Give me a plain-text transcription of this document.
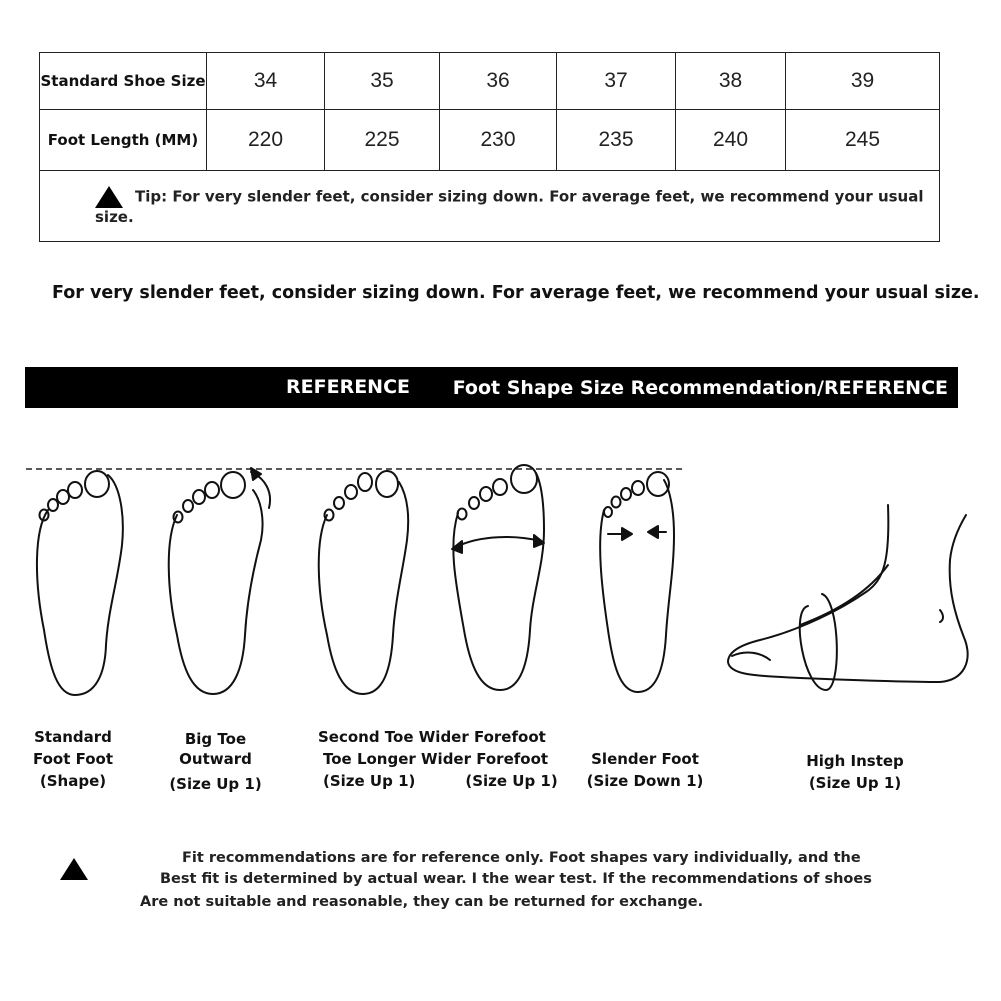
Standard Shoe Size	34	35	36	37	38	39
Foot Length (MM)	220	225	230	235	240	245

Tip: For very slender feet, consider sizing down. For average feet, we recommend your usual size.						
For very slender feet, consider sizing down. For average feet, we recommend your usual size.
REFERENCE Foot Shape Size Recommendation/REFERENCE
Standard
Foot Foot
(Shape)
Big Toe
Outward
(Size Up 1)
Second Toe Wider Forefoot
Toe Longer Wider Forefoot
(Size Up 1)	(Size Up 1)
Slender Foot
(Size Down 1)
High Instep
(Size Up 1)
Fit recommendations are for reference only. Foot shapes vary individually, and the
Best fit is determined by actual wear. I the wear test. If the recommendations of shoes
Are not suitable and reasonable, they can be returned for exchange.
